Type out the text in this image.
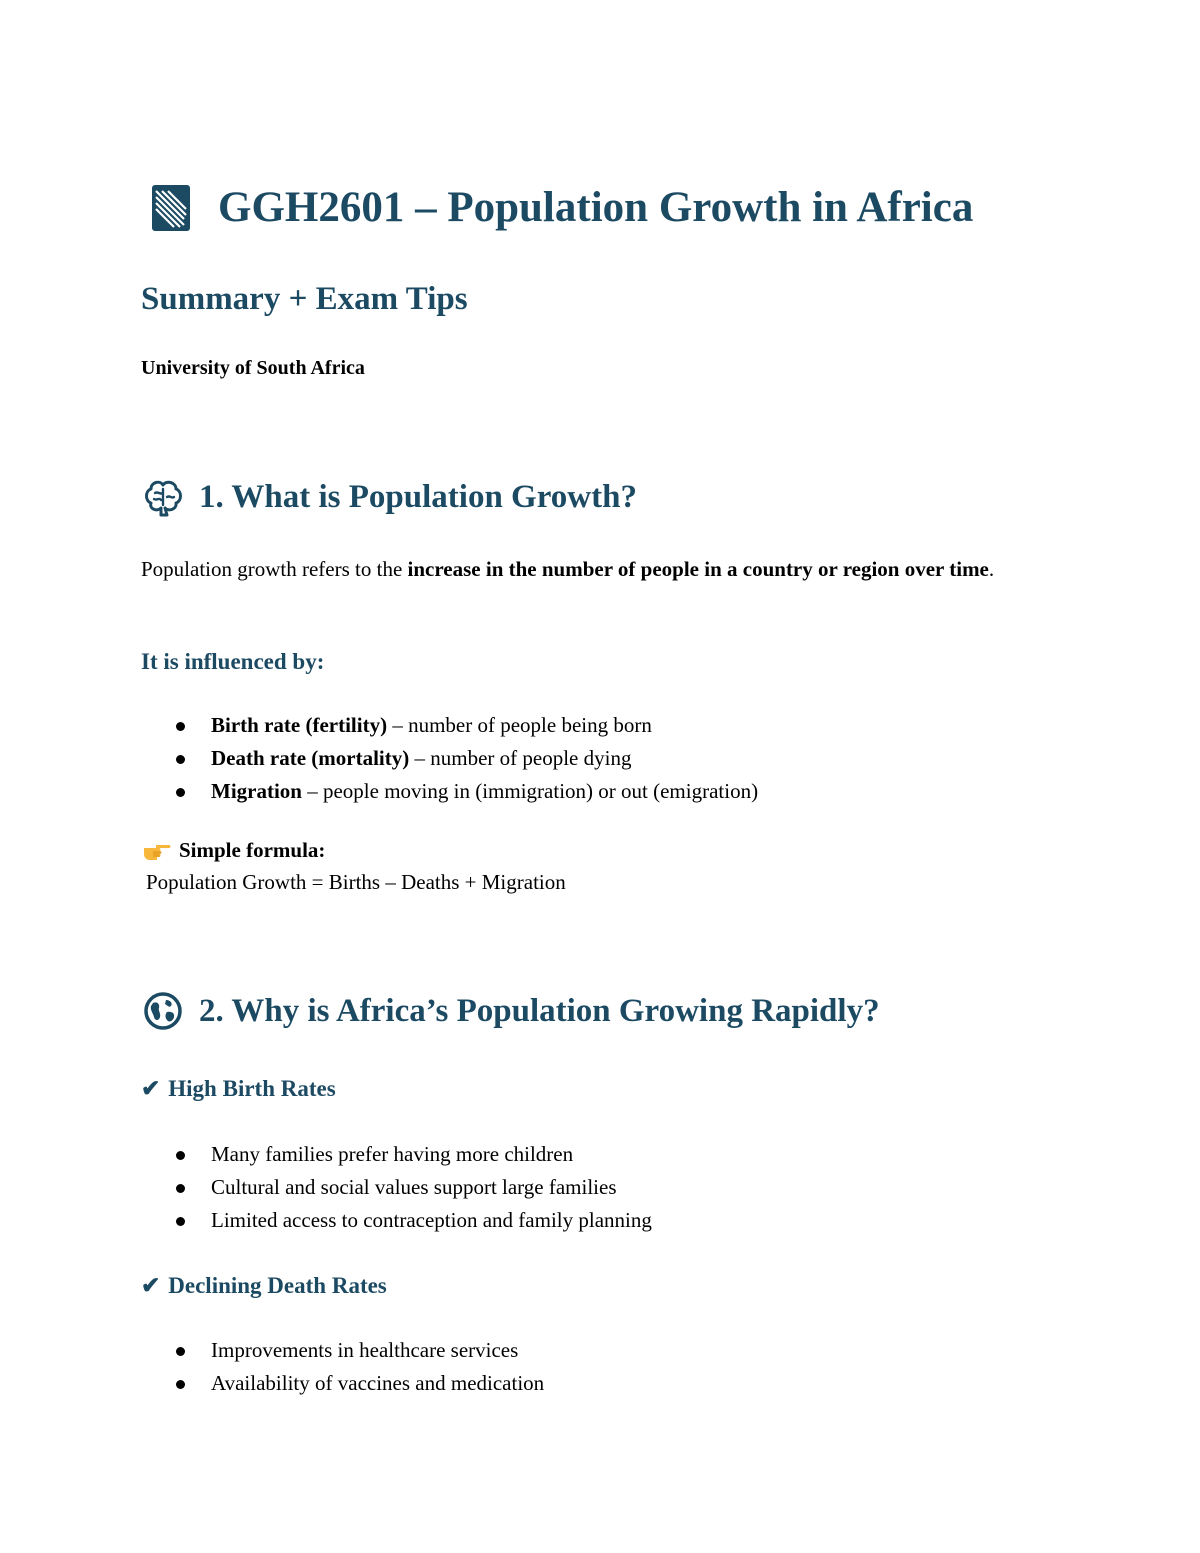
GGH2601 – Population Growth in Africa
Summary + Exam Tips
University of South Africa
1. What is Population Growth?
Population growth refers to the increase in the number of people in a country or region over time.
It is influenced by:
Birth rate (fertility) – number of people being born
Death rate (mortality) – number of people dying
Migration – people moving in (immigration) or out (emigration)
Simple formula:
Population Growth = Births – Deaths + Migration
2. Why is Africa’s Population Growing Rapidly?
✔ High Birth Rates
Many families prefer having more children
Cultural and social values support large families
Limited access to contraception and family planning
✔ Declining Death Rates
Improvements in healthcare services
Availability of vaccines and medication
